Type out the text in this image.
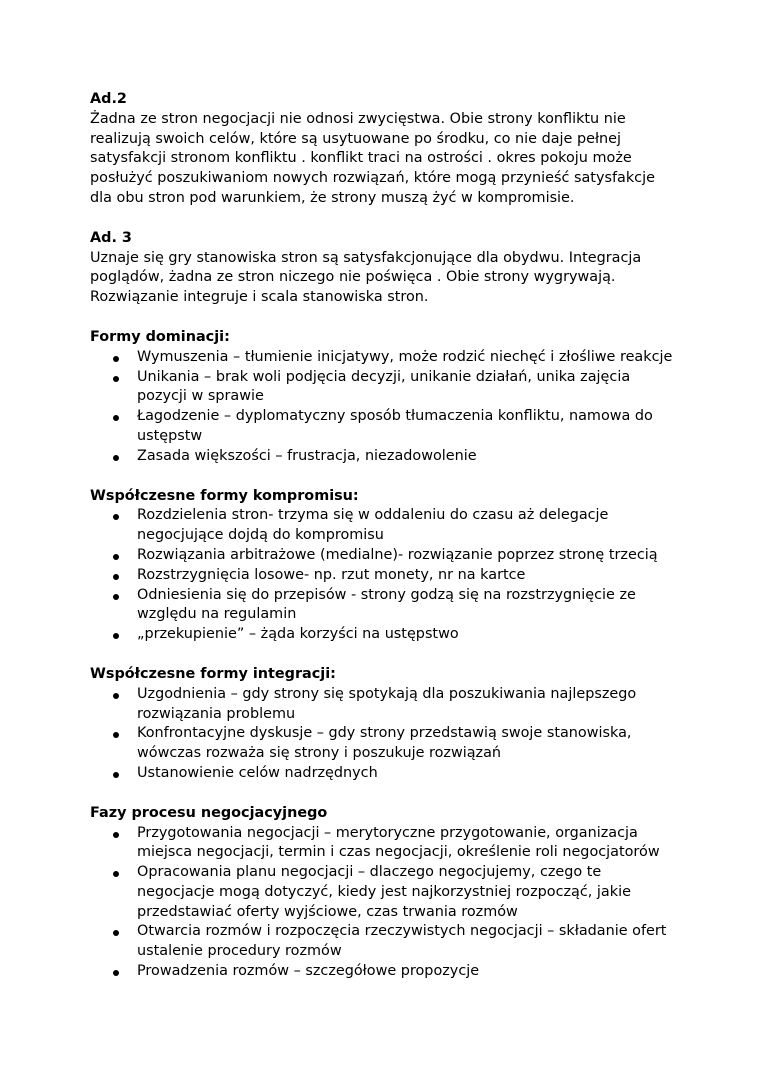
Ad.2

Żadna ze stron negocjacji nie odnosi zwycięstwa. Obie strony konfliktu nie realizują swoich celów, które są usytuowane po środku, co nie daje pełnej satysfakcji stronom konfliktu . konflikt traci na ostrości . okres pokoju może posłużyć poszukiwaniom nowych rozwiązań, które mogą przynieść satysfakcje dla obu stron pod warunkiem, że strony muszą żyć w kompromisie.

Ad. 3

Uznaje się gry stanowiska stron są satysfakcjonujące dla obydwu. Integracja poglądów, żadna ze stron niczego nie poświęca . Obie strony wygrywają. Rozwiązanie integruje i scala stanowiska stron.

Formy dominacji:

Wymuszenia – tłumienie inicjatywy, może rodzić niechęć i złośliwe reakcje
Unikania – brak woli podjęcia decyzji, unikanie działań, unika zajęcia pozycji w sprawie
Łagodzenie – dyplomatyczny sposób tłumaczenia konfliktu, namowa do ustępstw
Zasada większości – frustracja, niezadowolenie

Współczesne formy kompromisu:

Rozdzielenia stron- trzyma się w oddaleniu do czasu aż delegacje negocjujące dojdą do kompromisu
Rozwiązania arbitrażowe (medialne)- rozwiązanie poprzez stronę trzecią
Rozstrzygnięcia losowe- np. rzut monety, nr na kartce
Odniesienia się do przepisów - strony godzą się na rozstrzygnięcie ze względu na regulamin
„przekupienie” – żąda korzyści na ustępstwo

Współczesne formy integracji:

Uzgodnienia – gdy strony się spotykają dla poszukiwania najlepszego rozwiązania problemu
Konfrontacyjne dyskusje – gdy strony przedstawią swoje stanowiska, wówczas rozważa się strony i poszukuje rozwiązań
Ustanowienie celów nadrzędnych

Fazy procesu negocjacyjnego

Przygotowania negocjacji – merytoryczne przygotowanie, organizacja miejsca negocjacji, termin i czas negocjacji, określenie roli negocjatorów
Opracowania planu negocjacji – dlaczego negocjujemy, czego te negocjacje mogą dotyczyć, kiedy jest najkorzystniej rozpocząć, jakie przedstawiać oferty wyjściowe, czas trwania rozmów
Otwarcia rozmów i rozpoczęcia rzeczywistych negocjacji – składanie ofert ustalenie procedury rozmów
Prowadzenia rozmów – szczegółowe propozycje
